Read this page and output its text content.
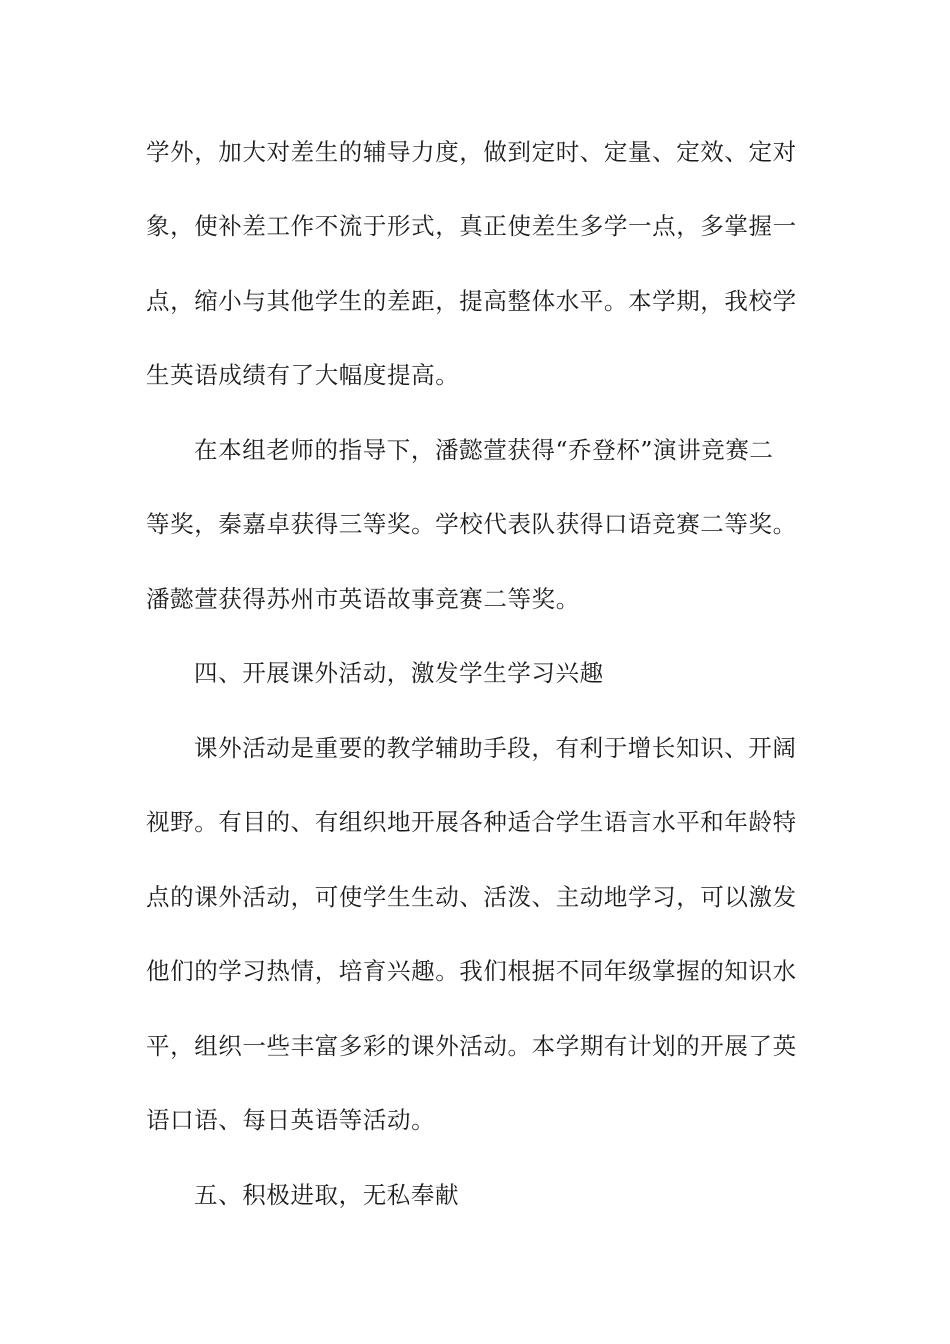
学外，加大对差生的辅导力度，做到定时、定量、定效、定对
象，使补差工作不流于形式，真正使差生多学一点，多掌握一
点，缩小与其他学生的差距，提高整体水平。本学期，我校学
生英语成绩有了大幅度提高。
在本组老师的指导下，潘懿萱获得“乔登杯”演讲竞赛二
等奖，秦嘉卓获得三等奖。学校代表队获得口语竞赛二等奖。
潘懿萱获得苏州市英语故事竞赛二等奖。
四、开展课外活动，激发学生学习兴趣
课外活动是重要的教学辅助手段，有利于增长知识、开阔
视野。有目的、有组织地开展各种适合学生语言水平和年龄特
点的课外活动，可使学生生动、活泼、主动地学习，可以激发
他们的学习热情，培育兴趣。我们根据不同年级掌握的知识水
平，组织一些丰富多彩的课外活动。本学期有计划的开展了英
语口语、每日英语等活动。
五、积极进取，无私奉献
